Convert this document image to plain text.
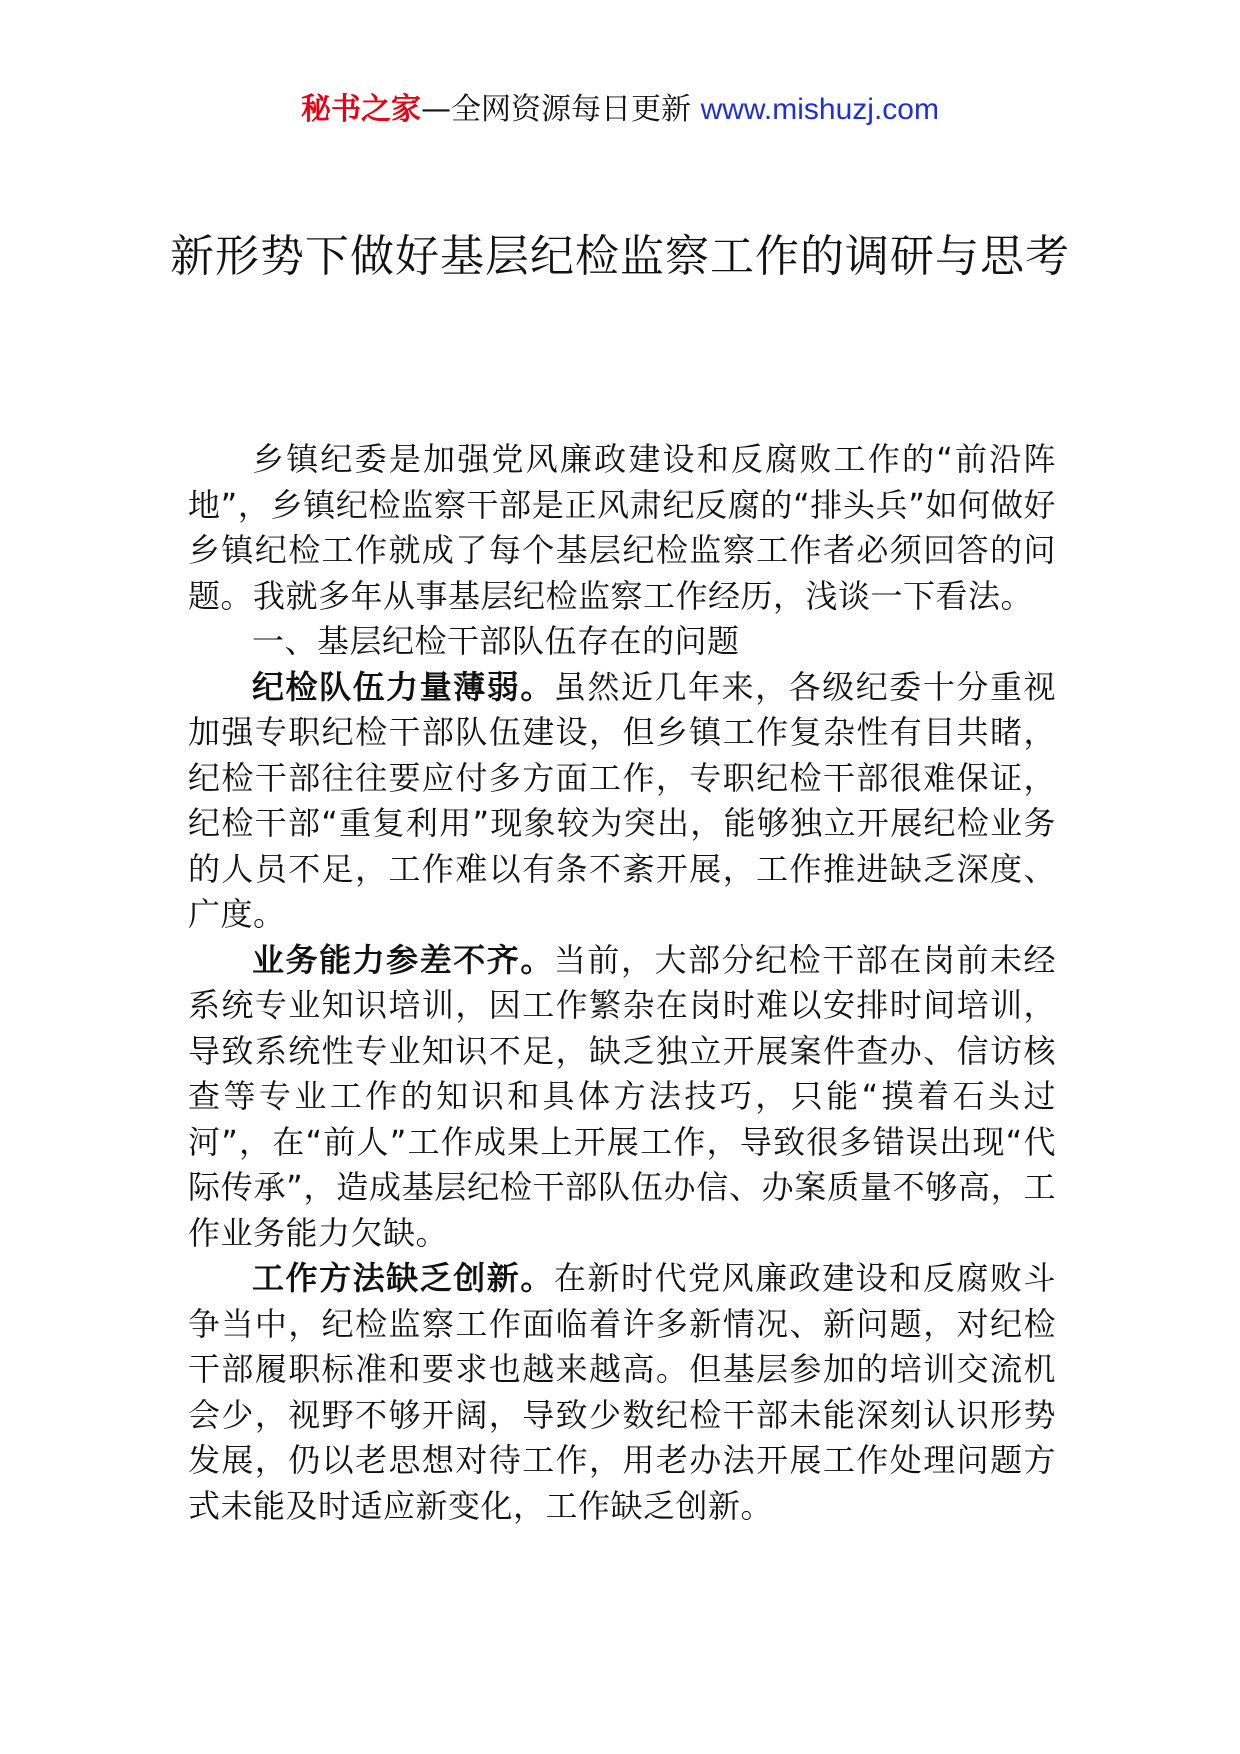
秘书之家—全网资源每日更新 www.mishuzj.com
新形势下做好基层纪检监察工作的调研与思考

乡镇纪委是加强党风廉政建设和反腐败工作的“前沿阵地”，乡镇纪检监察干部是正风肃纪反腐的“排头兵”如何做好乡镇纪检工作就成了每个基层纪检监察工作者必须回答的问题。我就多年从事基层纪检监察工作经历，浅谈一下看法。

一、基层纪检干部队伍存在的问题

纪检队伍力量薄弱。虽然近几年来，各级纪委十分重视加强专职纪检干部队伍建设，但乡镇工作复杂性有目共睹，纪检干部往往要应付多方面工作，专职纪检干部很难保证，纪检干部“重复利用”现象较为突出，能够独立开展纪检业务的人员不足，工作难以有条不紊开展，工作推进缺乏深度、广度。

业务能力参差不齐。当前，大部分纪检干部在岗前未经系统专业知识培训，因工作繁杂在岗时难以安排时间培训，导致系统性专业知识不足，缺乏独立开展案件查办、信访核查等专业工作的知识和具体方法技巧，只能“摸着石头过河”，在“前人”工作成果上开展工作，导致很多错误出现“代际传承”，造成基层纪检干部队伍办信、办案质量不够高，工作业务能力欠缺。

工作方法缺乏创新。在新时代党风廉政建设和反腐败斗争当中，纪检监察工作面临着许多新情况、新问题，对纪检干部履职标准和要求也越来越高。但基层参加的培训交流机会少，视野不够开阔，导致少数纪检干部未能深刻认识形势发展，仍以老思想对待工作，用老办法开展工作处理问题方式未能及时适应新变化，工作缺乏创新。
